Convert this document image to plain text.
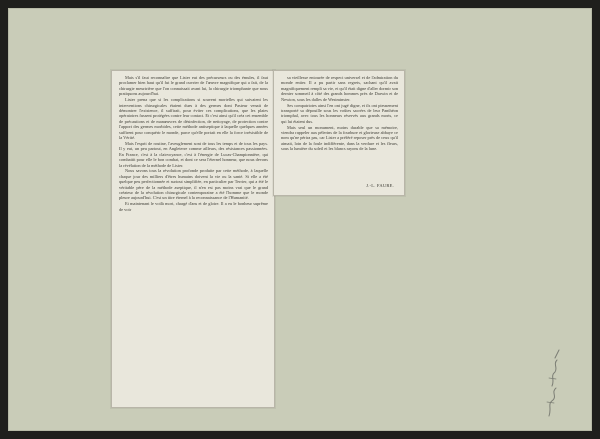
Mais s'il faut reconnaître que Lister eut des précurseurs ou des émules, il faut proclamer bien haut qu'il fut le grand ouvrier de l'œuvre magnifique qui a fait, de la chirurgie meurtrière que l'on connaissait avant lui, la chirurgie triomphante que nous pratiquons aujourd'hui.

Lister prena que si les complications si souvent mortelles qui suivaient les interventions chirurgicales étaient dues à des germes dont Pasteur venait de démontrer l'existence, il suffirait, pour éviter ces complications, que les plaies opératoires fussent protégées contre leur contact. Et c'est ainsi qu'il créa cet ensemble de précautions et de manœuvres de désinfection, de nettoyage, de protection contre l'apport des germes morbides, cette méthode antiseptique à laquelle quelques années suffirent pour conquérir le monde, parce qu'elle portait en elle la force irrésistible de la Vérité.

Mais l'esprit de routine, l'aveuglement sont de tous les temps et de tous les pays. Il y eut, un peu partout, en Angleterre comme ailleurs, des résistances passionnées. En France, c'est à la clairvoyance, c'est à l'énergie de Lucas-Championnière, qui combattit pour elle le bon combat, et dont ce sera l'éternel honneur, que nous devons la révélation de la méthode de Lister.

Nous savons tous la révolution profonde produite par cette méthode, à laquelle chaque jour des milliers d'êtres humains doivent la vie ou la santé. Si elle a été quelque peu perfectionnée et surtout simplifiée, en particulier par Terrier, qui a été le véritable père de la méthode aseptique, il n'en est pas moins vrai que le grand créateur de la révolution chirurgicale contemporaine a été l'homme que le monde pleure aujourd'hui. C'est un titre éternel à la reconnaissance de l'Humanité.

Et maintenant le voilà mort, chargé d'ans et de gloire. Il a eu le bonheur suprême de voir

sa vieillesse entourée de respect universel et de l'admiration du monde entier. Il a pu partir sans regrets, sachant qu'il avait magnifiquement rempli sa vie, et qu'il était digne d'aller dormir son dernier sommeil à côté des grands hommes près de Darwin et de Newton, sous les dalles de Westminster.

Ses compatriotes ainsi l'en ont jugé digne, et ils ont pieusement transporté sa dépouille sous les voûtes sacrées de leur Panthéon triomphal, avec tous les honneurs réservés aux grands morts, ce qui lui étaient dus.

Mais seul un monument, moins durable que sa mémoire, viendra rappeler aux pèlerins de la fourbure et glorieuse abbaye ce nom qu'ne périra pas, car Lister a préféré reposer près de ceux qu'il aimait, loin de la foule indifférente, dans la verdure et les fleurs, sous la lumière du soleil et les blancs rayons de la lune.

J.-L. FAURE.
